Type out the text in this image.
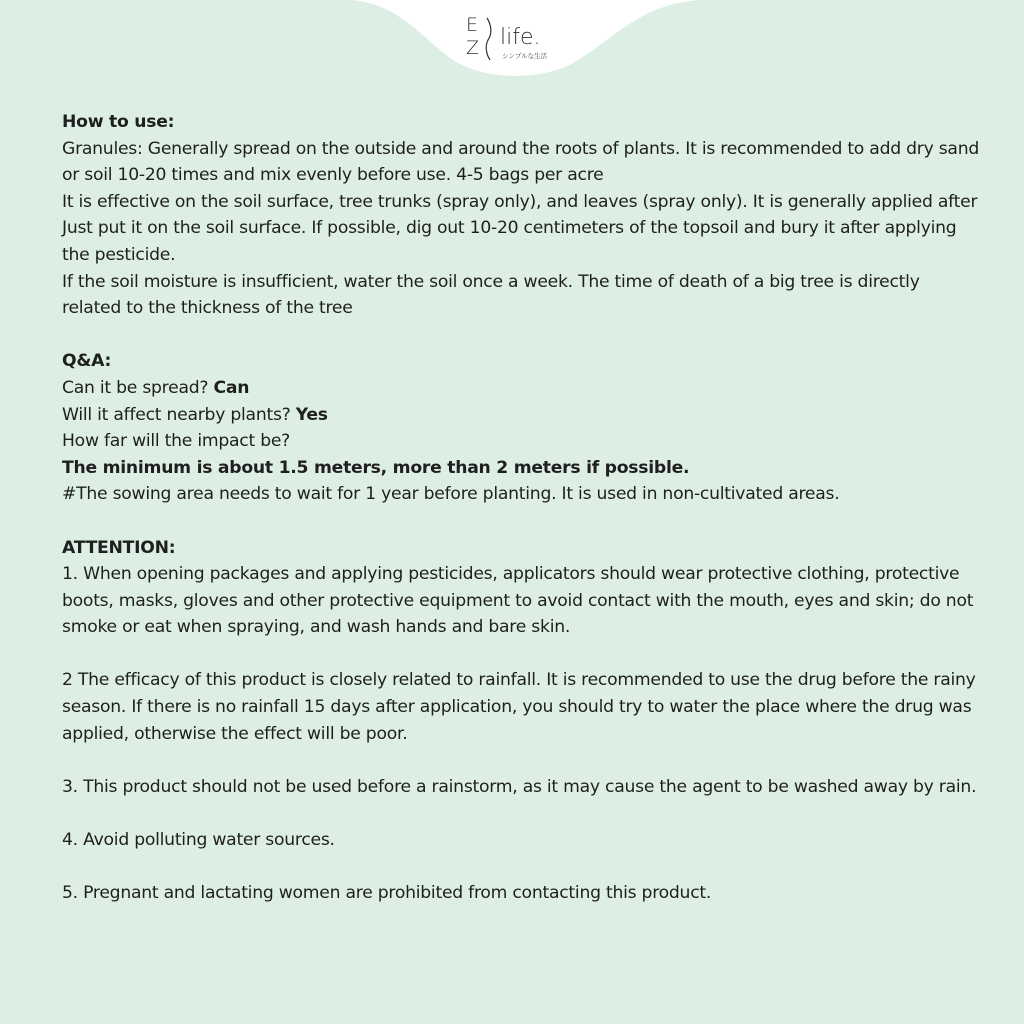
E
Z life.
シンプルな生活

How to use:

Granules: Generally spread on the outside and around the roots of plants. It is recommended to add dry sand or soil 10-20 times and mix evenly before use. 4-5 bags per acre

It is effective on the soil surface, tree trunks (spray only), and leaves (spray only). It is generally applied after

Just put it on the soil surface. If possible, dig out 10-20 centimeters of the topsoil and bury it after applying the pesticide.

If the soil moisture is insufficient, water the soil once a week. The time of death of a big tree is directly related to the thickness of the tree

Q&A:

Can it be spread? Can

Will it affect nearby plants? Yes

How far will the impact be?

The minimum is about 1.5 meters, more than 2 meters if possible.

#The sowing area needs to wait for 1 year before planting. It is used in non-cultivated areas.

ATTENTION:

1. When opening packages and applying pesticides, applicators should wear protective clothing, protective boots, masks, gloves and other protective equipment to avoid contact with the mouth, eyes and skin; do not smoke or eat when spraying, and wash hands and bare skin.

2 The efficacy of this product is closely related to rainfall. It is recommended to use the drug before the rainy season. If there is no rainfall 15 days after application, you should try to water the place where the drug was applied, otherwise the effect will be poor.

3. This product should not be used before a rainstorm, as it may cause the agent to be washed away by rain.

4. Avoid polluting water sources.

5. Pregnant and lactating women are prohibited from contacting this product.
